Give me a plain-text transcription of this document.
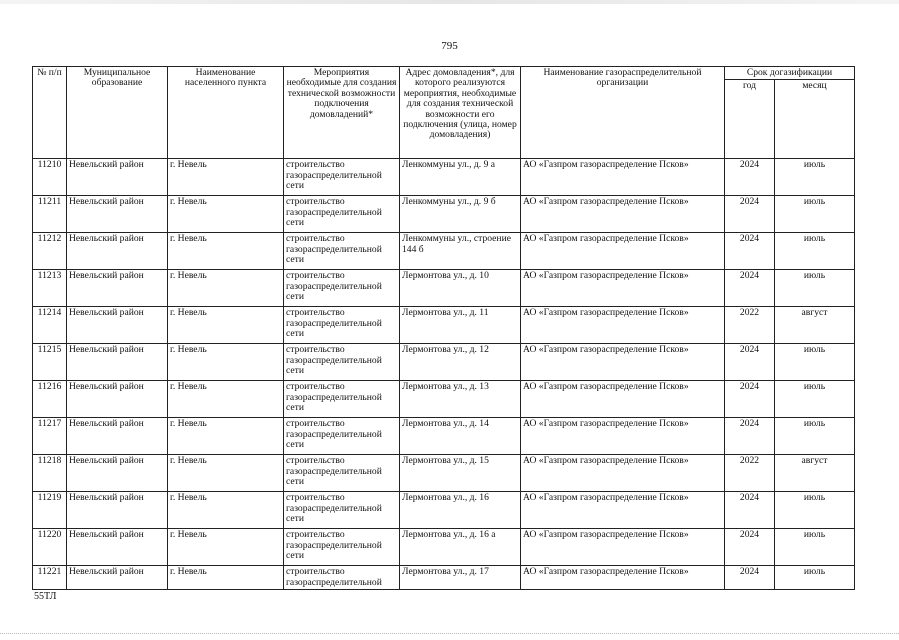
795
№ п/п	Муниципальное образование	Наименование населенного пункта	Мероприятия необходимые для создания технической возможности подключения домовладений*	Адрес домовладения*, для которого реализуются мероприятия, необходимые для создания технической возможности его подключения (улица, номер домовладения)	Наименование газораспределительной организации	Срок догазификации	
						год	месяц
11210	Невельский район	г. Невель	строительство газораспределительной сети	Ленкоммуны ул., д. 9 а	АО «Газпром газораспределение Псков»	2024	июль
11211	Невельский район	г. Невель	строительство газораспределительной сети	Ленкоммуны ул., д. 9 б	АО «Газпром газораспределение Псков»	2024	июль
11212	Невельский район	г. Невель	строительство газораспределительной сети	Ленкоммуны ул., строение 144 б	АО «Газпром газораспределение Псков»	2024	июль
11213	Невельский район	г. Невель	строительство газораспределительной сети	Лермонтова ул., д. 10	АО «Газпром газораспределение Псков»	2024	июль
11214	Невельский район	г. Невель	строительство газораспределительной сети	Лермонтова ул., д. 11	АО «Газпром газораспределение Псков»	2022	август
11215	Невельский район	г. Невель	строительство газораспределительной сети	Лермонтова ул., д. 12	АО «Газпром газораспределение Псков»	2024	июль
11216	Невельский район	г. Невель	строительство газораспределительной сети	Лермонтова ул., д. 13	АО «Газпром газораспределение Псков»	2024	июль
11217	Невельский район	г. Невель	строительство газораспределительной сети	Лермонтова ул., д. 14	АО «Газпром газораспределение Псков»	2024	июль
11218	Невельский район	г. Невель	строительство газораспределительной сети	Лермонтова ул., д. 15	АО «Газпром газораспределение Псков»	2022	август
11219	Невельский район	г. Невель	строительство газораспределительной сети	Лермонтова ул., д. 16	АО «Газпром газораспределение Псков»	2024	июль
11220	Невельский район	г. Невель	строительство газораспределительной сети	Лермонтова ул., д. 16 а	АО «Газпром газораспределение Псков»	2024	июль
11221	Невельский район	г. Невель	строительство газораспределительной	Лермонтова ул., д. 17	АО «Газпром газораспределение Псков»	2024	июль
55ТЛ
